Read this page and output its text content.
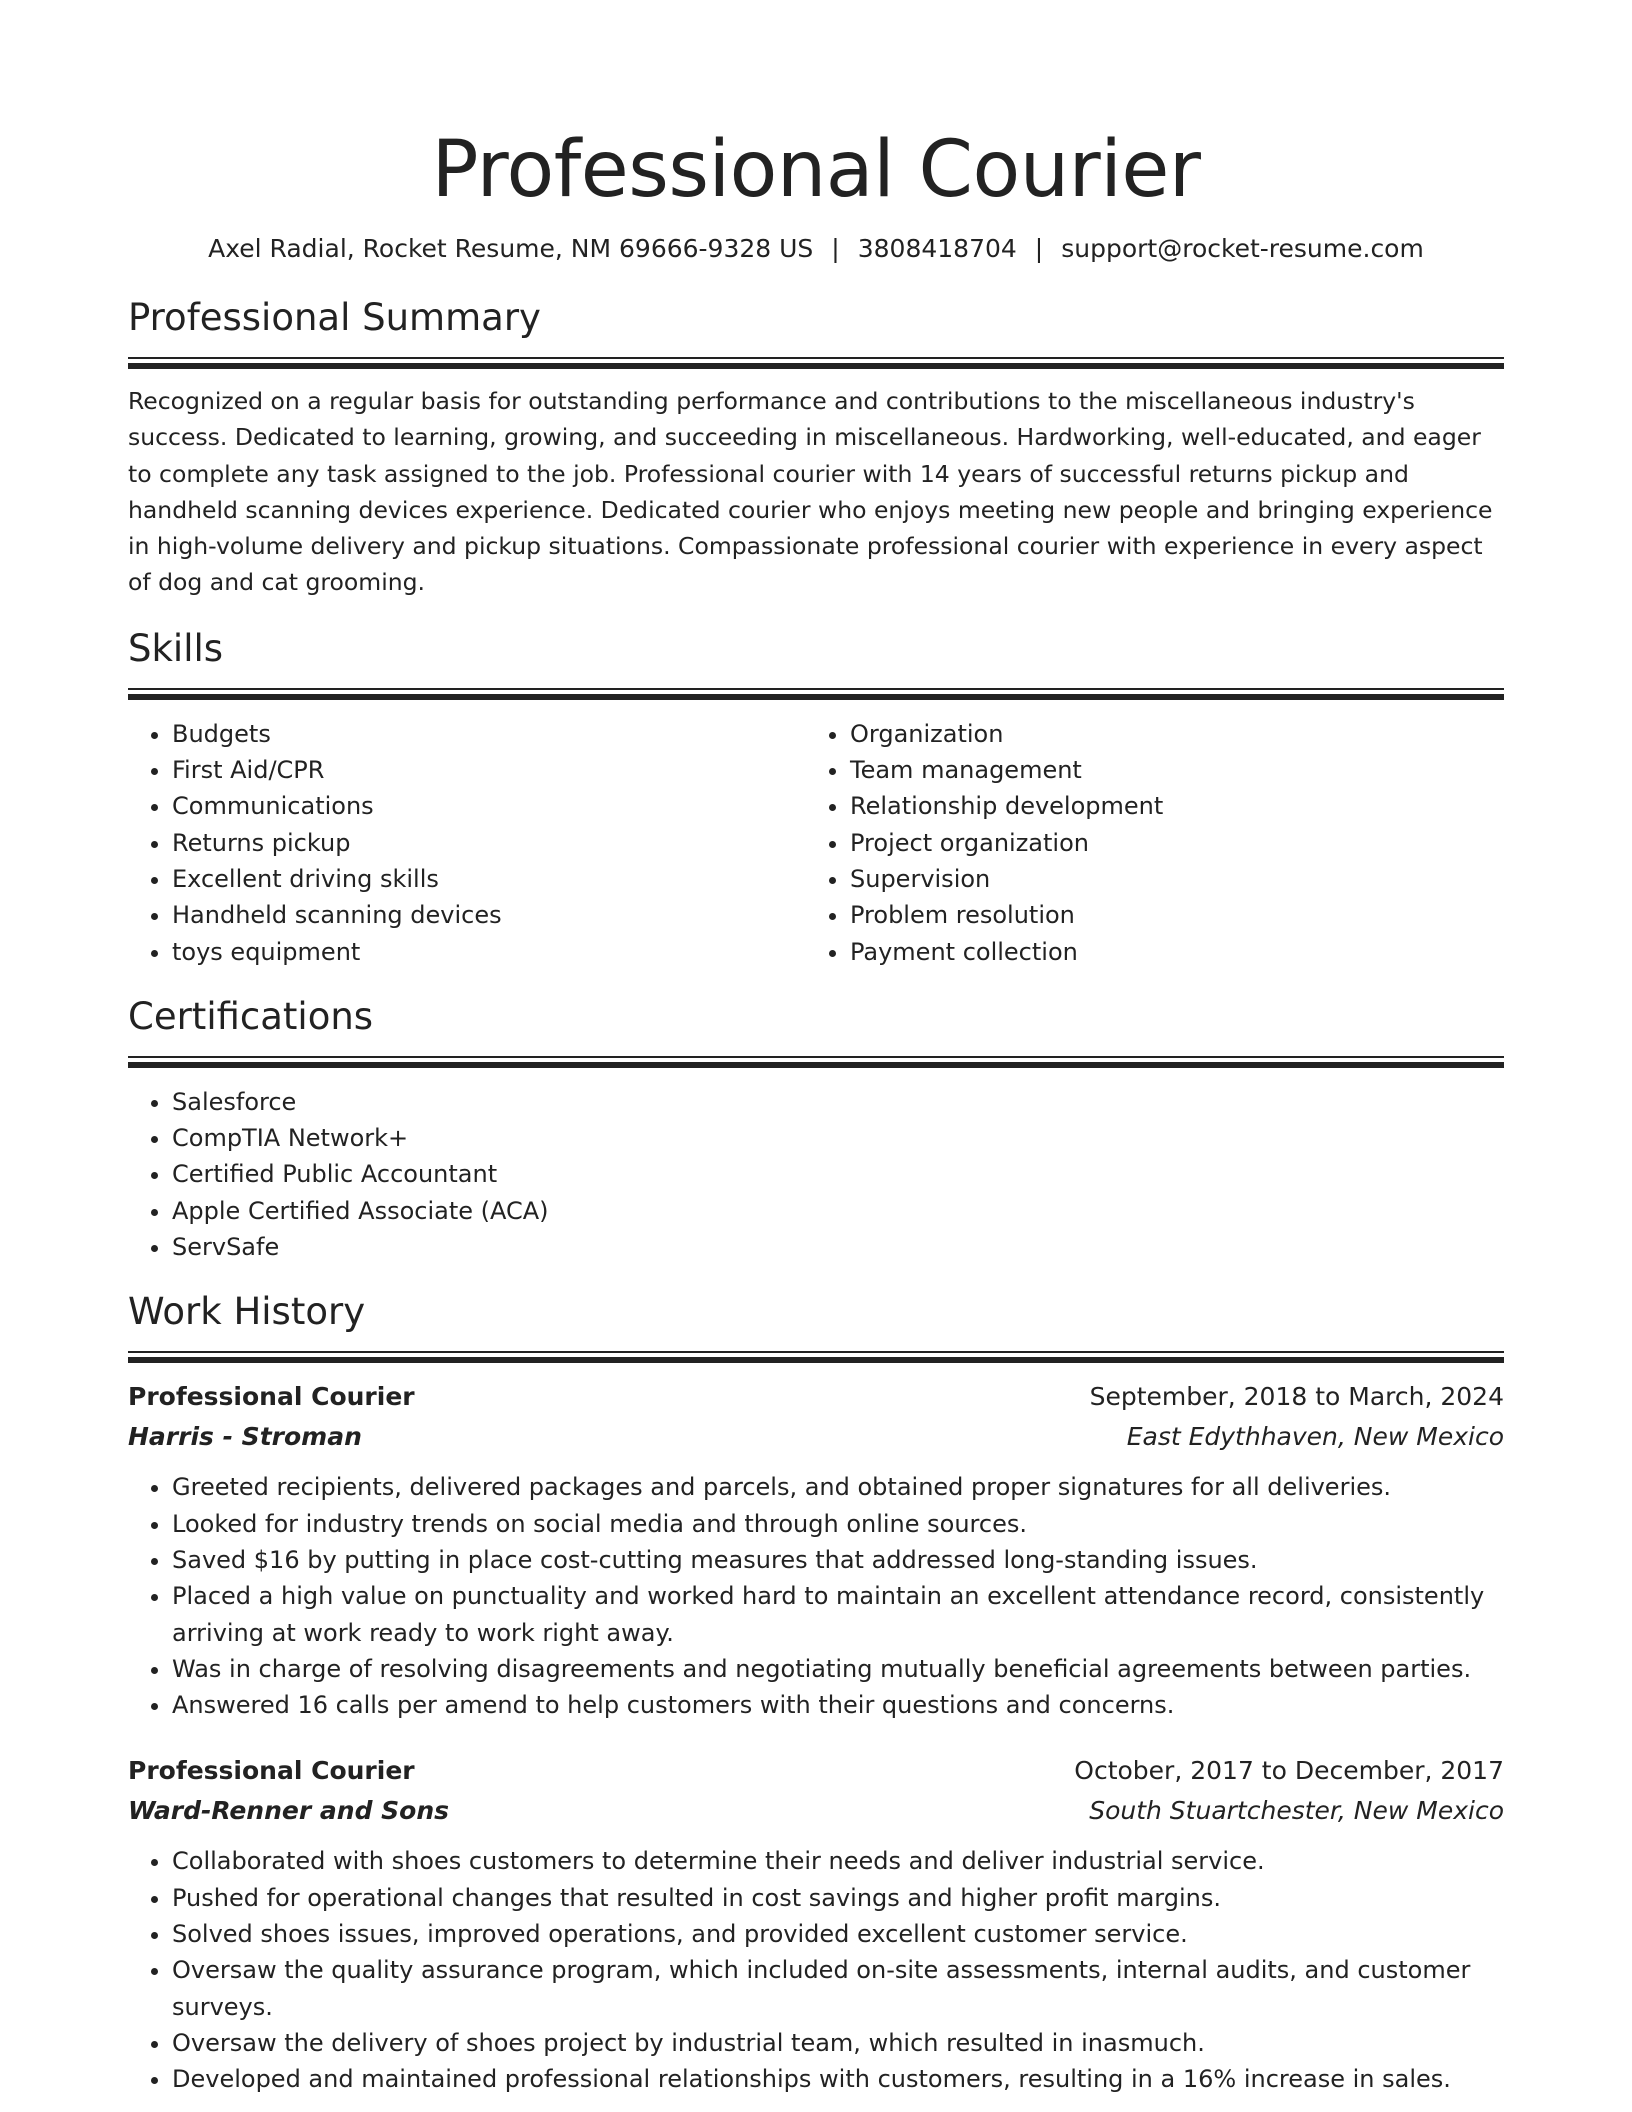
Professional Courier
Axel Radial, Rocket Resume, NM 69666-9328 US | 3808418704 | support@rocket-resume.com
Professional Summary

Recognized on a regular basis for outstanding performance and contributions to the miscellaneous industry's success. Dedicated to learning, growing, and succeeding in miscellaneous. Hardworking, well-educated, and eager to complete any task assigned to the job. Professional courier with 14 years of successful returns pickup and handheld scanning devices experience. Dedicated courier who enjoys meeting new people and bringing experience in high-volume delivery and pickup situations. Compassionate professional courier with experience in every aspect of dog and cat grooming.

Skills
• Budgets
• First Aid/CPR
• Communications
• Returns pickup
• Excellent driving skills
• Handheld scanning devices
• toys equipment
• Organization
• Team management
• Relationship development
• Project organization
• Supervision
• Problem resolution
• Payment collection
Certifications
• Salesforce
• CompTIA Network+
• Certified Public Accountant
• Apple Certified Associate (ACA)
• ServSafe
Work History
Professional Courier	September, 2018 to March, 2024
Harris - Stroman	East Edythhaven, New Mexico
• Greeted recipients, delivered packages and parcels, and obtained proper signatures for all deliveries.
• Looked for industry trends on social media and through online sources.
• Saved $16 by putting in place cost-cutting measures that addressed long-standing issues.
• Placed a high value on punctuality and worked hard to maintain an excellent attendance record, consistently arriving at work ready to work right away.
• Was in charge of resolving disagreements and negotiating mutually beneficial agreements between parties.
• Answered 16 calls per amend to help customers with their questions and concerns.
Professional Courier	October, 2017 to December, 2017
Ward-Renner and Sons	South Stuartchester, New Mexico
• Collaborated with shoes customers to determine their needs and deliver industrial service.
• Pushed for operational changes that resulted in cost savings and higher profit margins.
• Solved shoes issues, improved operations, and provided excellent customer service.
• Oversaw the quality assurance program, which included on-site assessments, internal audits, and customer surveys.
• Oversaw the delivery of shoes project by industrial team, which resulted in inasmuch.
• Developed and maintained professional relationships with customers, resulting in a 16% increase in sales.
